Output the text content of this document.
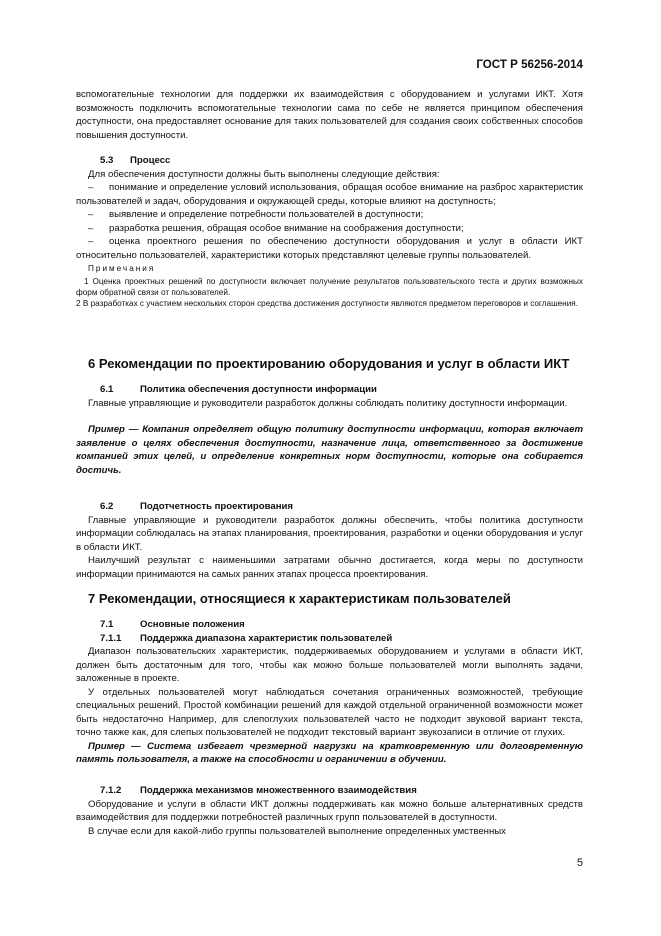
ГОСТ Р 56256-2014

вспомогательные технологии для поддержки их взаимодействия с оборудованием и услугами ИКТ. Хотя возможность подключить вспомогательные технологии сама по себе не является принципом обеспечения доступности, она предоставляет основание для таких пользователей для создания своих собственных способов повышения доступности.

5.3 Процесс
Для обеспечения доступности должны быть выполнены следующие действия:
– понимание и определение условий использования, обращая особое внимание на разброс характеристик пользователей и задач, оборудования и окружающей среды, которые влияют на доступность;
– выявление и определение потребности пользователей в доступности;
– разработка решения, обращая особое внимание на соображения доступности;
– оценка проектного решения по обеспечению доступности оборудования и услуг в области ИКТ относительно пользователей, характеристики которых представляют целевые группы пользователей.
Примечания
1 Оценка проектных решений по доступности включает получение результатов пользовательского теста и других возможных форм обратной связи от пользователей.
2 В разработках с участием нескольких сторон средства достижения доступности являются предметом переговоров и соглашения.

6 Рекомендации по проектированию оборудования и услуг в области ИКТ

6.1	Политика обеспечения доступности информации
Главные управляющие и руководители разработок должны соблюдать политику доступности информации.
Пример — Компания определяет общую политику доступности информации, которая включает заявление о целях обеспечения доступности, назначение лица, ответственного за достижение компанией этих целей, и определение конкретных норм доступности, которые она собирается достичь.
6.2	Подотчетность проектирования
Главные управляющие и руководители разработок должны обеспечить, чтобы политика доступности информации соблюдалась на этапах планирования, проектирования, разработки и оценки оборудования и услуг в области ИКТ.
Наилучший результат с наименьшими затратами обычно достигается, когда меры по доступности информации принимаются на самых ранних этапах процесса проектирования.

7 Рекомендации, относящиеся к характеристикам пользователей

7.1	Основные положения
7.1.1 Поддержка диапазона характеристик пользователей
Диапазон пользовательских характеристик, поддерживаемых оборудованием и услугами в области ИКТ, должен быть достаточным для того, чтобы как можно больше пользователей могли выполнять задачи, заложенные в проекте.
У отдельных пользователей могут наблюдаться сочетания ограниченных возможностей, требующие специальных решений. Простой комбинации решений для каждой отдельной ограниченной возможности может быть недостаточно Например, для слепоглухих пользователей часто не подходит звуковой вариант текста, точно также как, для слепых пользователей не подходит текстовый вариант звукозаписи в отличие от глухих.
Пример — Система избегает чрезмерной нагрузки на кратковременную или долговременную память пользователя, а также на способности и ограничении в обучении.
7.1.2 Поддержка механизмов множественного взаимодействия
Оборудование и услуги в области ИКТ должны поддерживать как можно больше альтернативных средств взаимодействия для поддержки потребностей различных групп пользователей в доступности.
В случае если для какой-либо группы пользователей выполнение определенных умственных

5
